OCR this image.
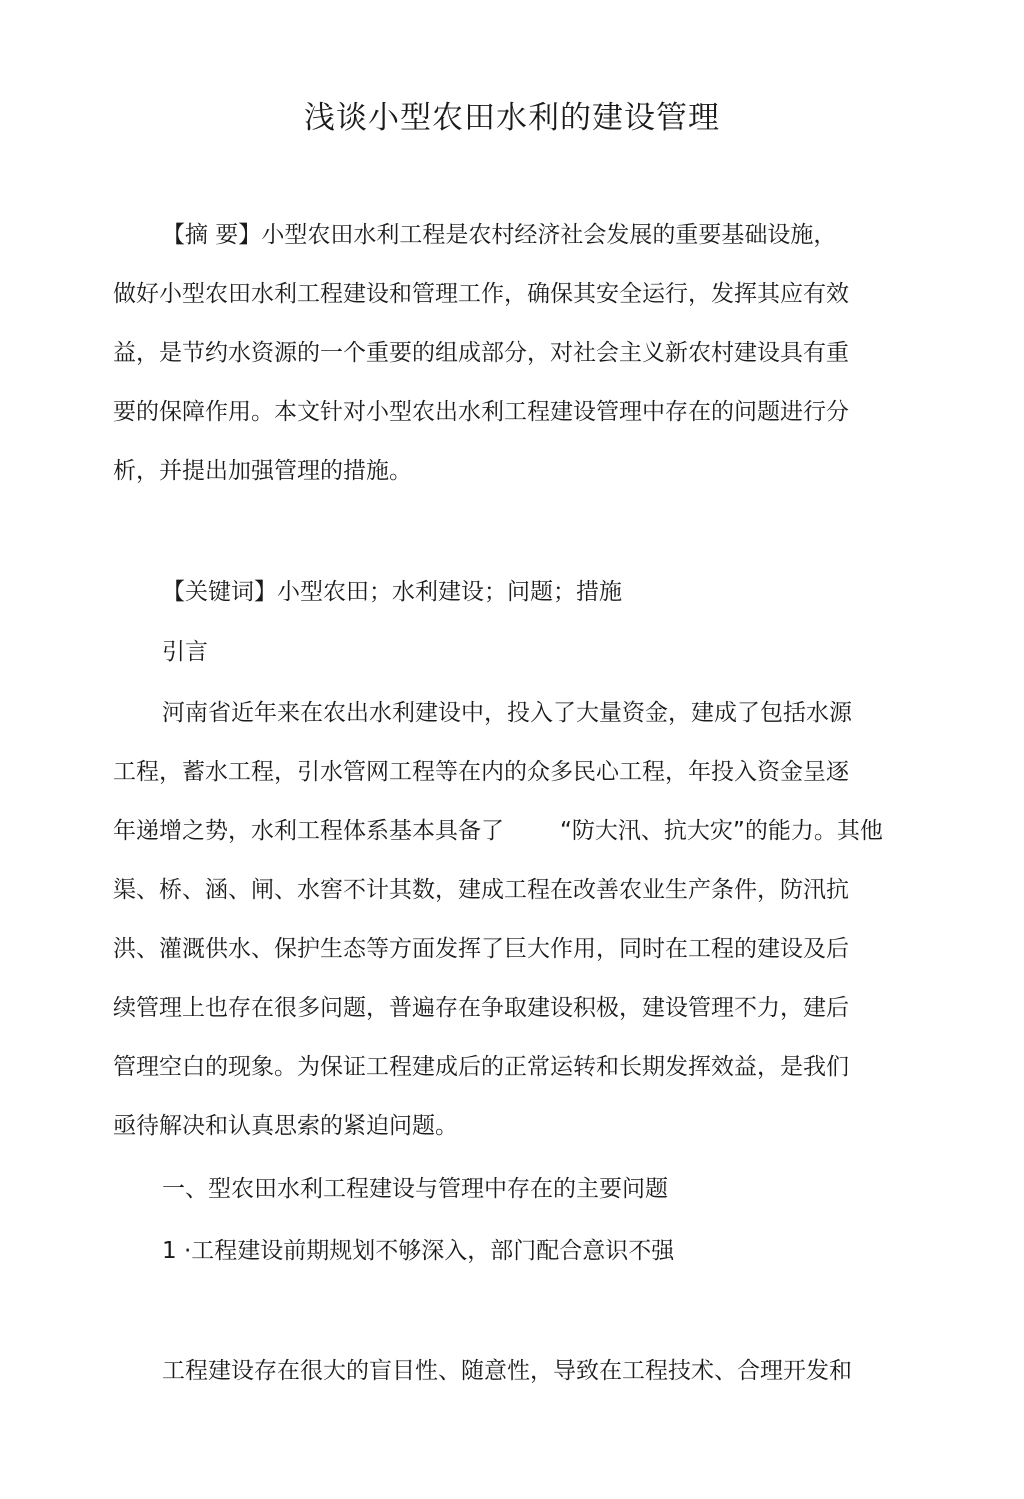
浅谈小型农田水利的建设管理
【摘 要】小型农田水利工程是农村经济社会发展的重要基础设施，
做好小型农田水利工程建设和管理工作，确保其安全运行，发挥其应有效
益，是节约水资源的一个重要的组成部分，对社会主义新农村建设具有重
要的保障作用。本文针对小型农出水利工程建设管理中存在的问题进行分
析，并提出加强管理的措施。
【关键词】小型农田；水利建设；问题；措施
引言
河南省近年来在农出水利建设中，投入了大量资金，建成了包括水源
工程，蓄水工程，引水管网工程等在内的众多民心工程，年投入资金呈逐
年递增之势，水利工程体系基本具备了 “防大汛、抗大灾”的能力。其他
渠、桥、涵、闸、水窖不计其数，建成工程在改善农业生产条件，防汛抗
洪、灌溉供水、保护生态等方面发挥了巨大作用，同时在工程的建设及后
续管理上也存在很多问题，普遍存在争取建设积极，建设管理不力，建后
管理空白的现象。为保证工程建成后的正常运转和长期发挥效益，是我们
亟待解决和认真思索的紧迫问题。
一、型农田水利工程建设与管理中存在的主要问题
1 ·工程建设前期规划不够深入，部门配合意识不强
工程建设存在很大的盲目性、随意性，导致在工程技术、合理开发和
